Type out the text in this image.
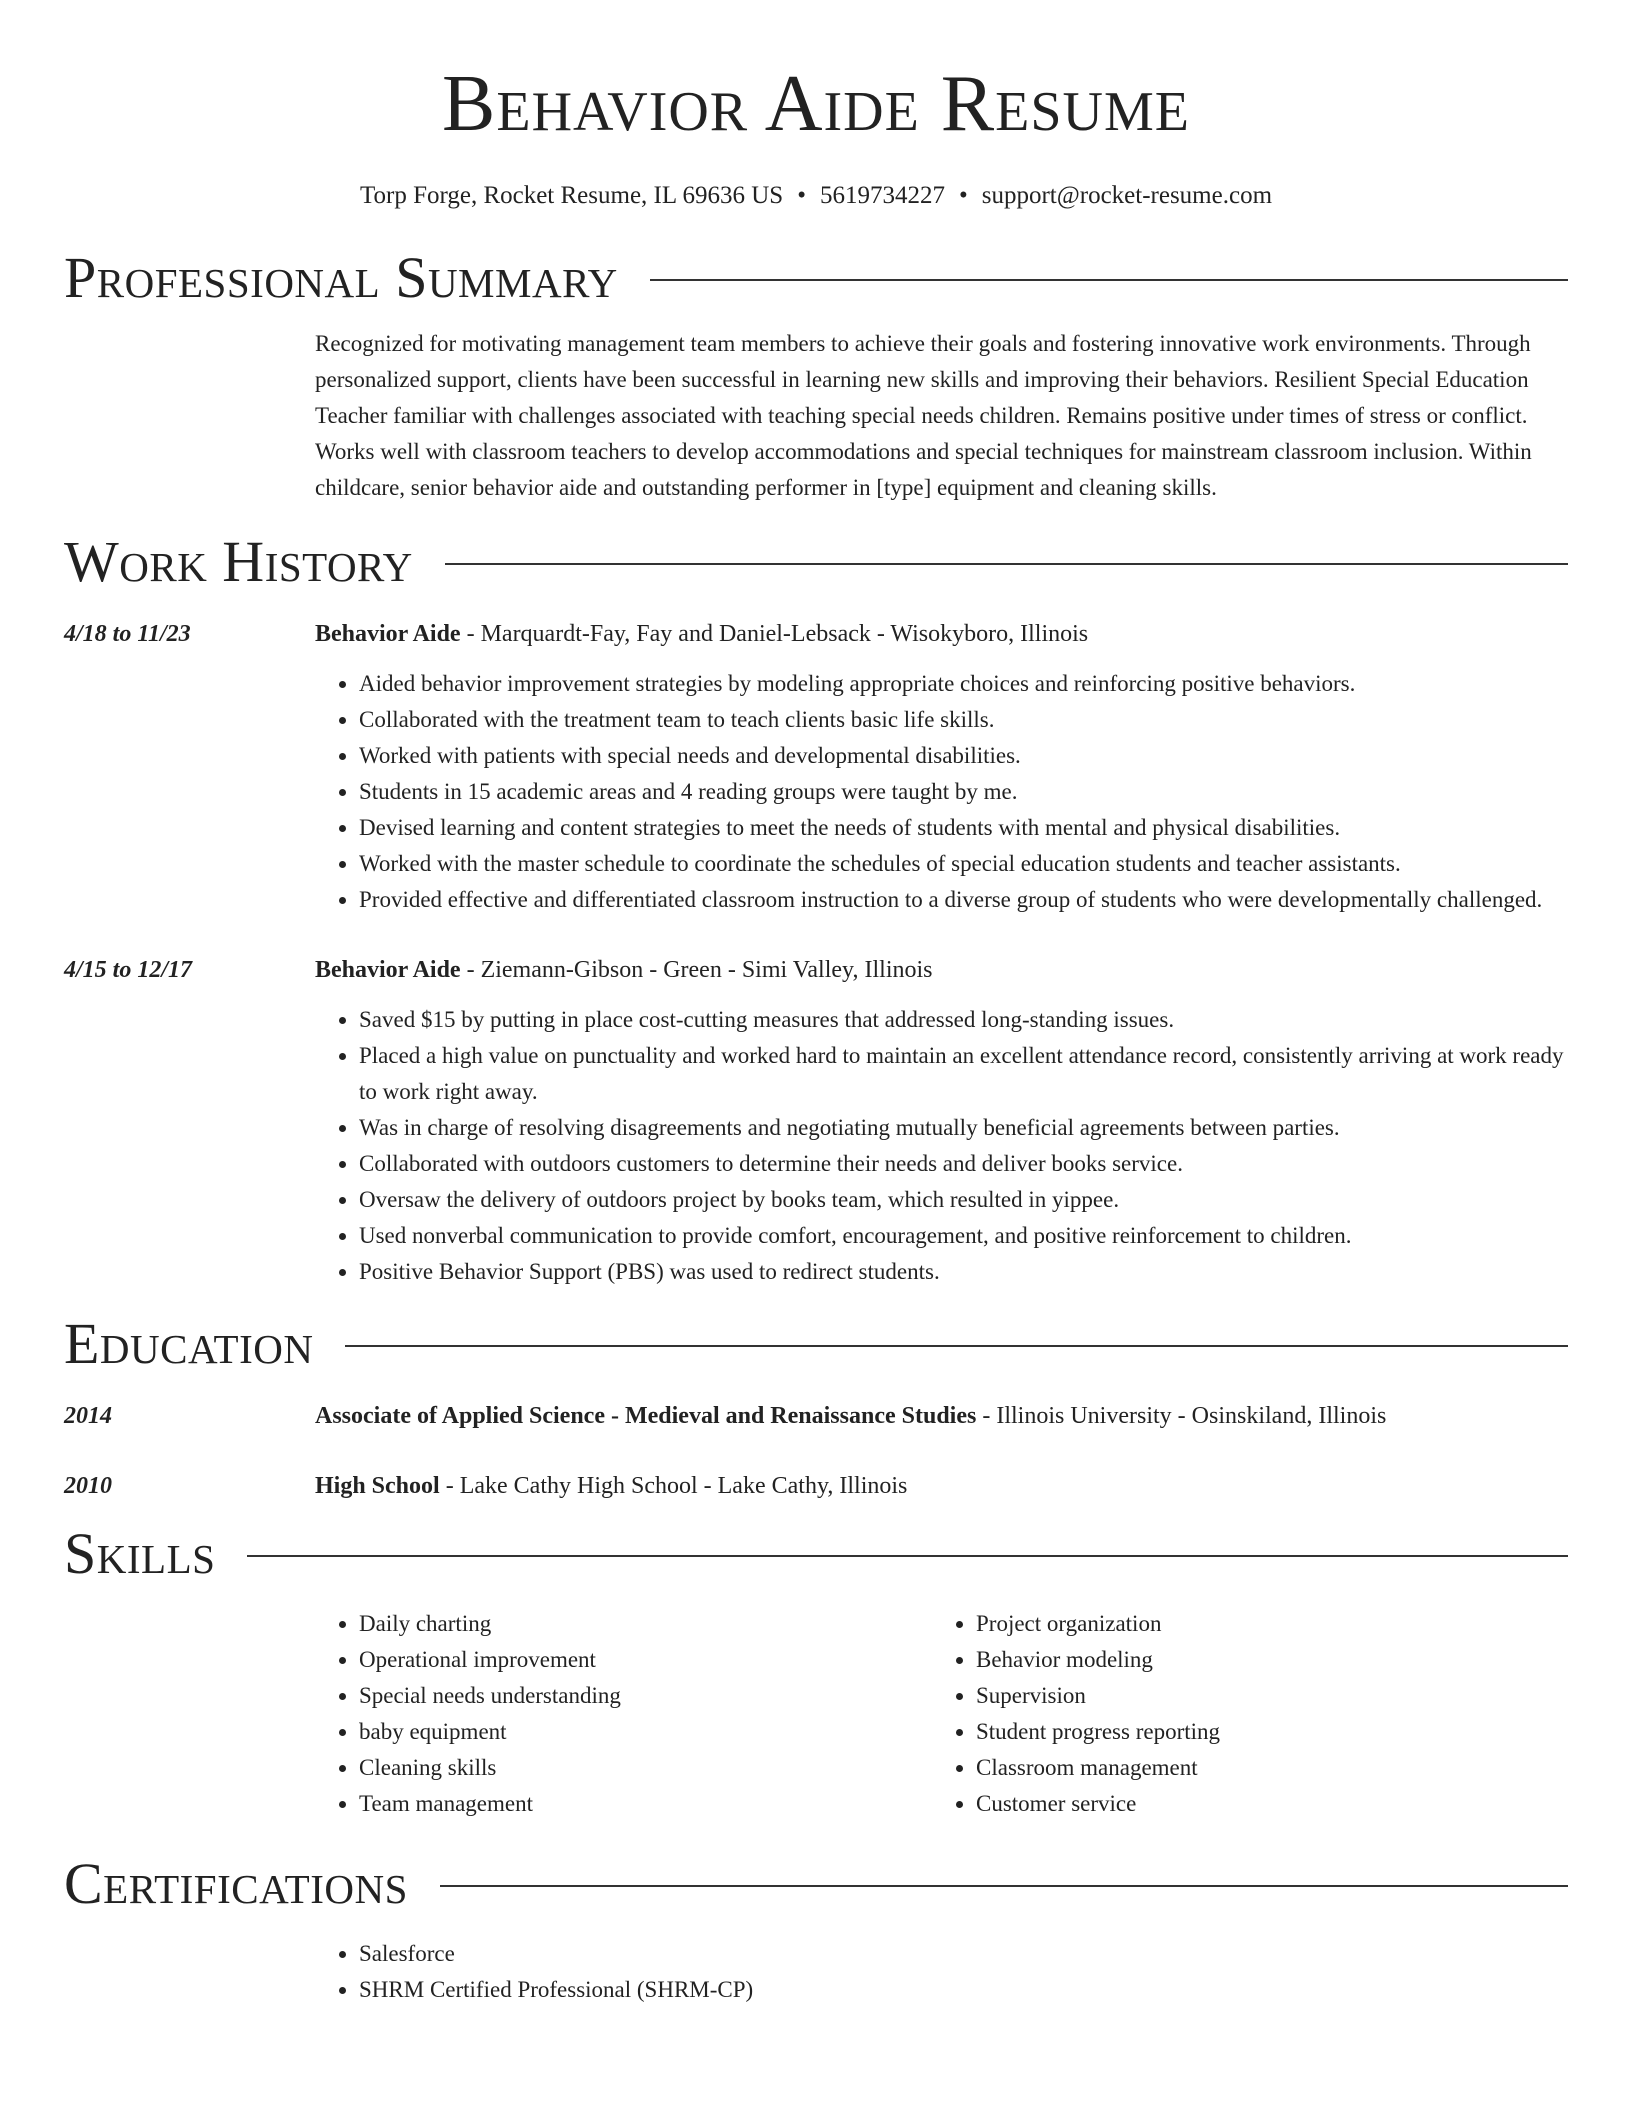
Behavior Aide Resume
Torp Forge, Rocket Resume, IL 69636 US • 5619734227 • support@rocket-resume.com
Professional Summary

Recognized for motivating management team members to achieve their goals and fostering innovative work environments. Through personalized support, clients have been successful in learning new skills and improving their behaviors. Resilient Special Education Teacher familiar with challenges associated with teaching special needs children. Remains positive under times of stress or conflict. Works well with classroom teachers to develop accommodations and special techniques for mainstream classroom inclusion. Within childcare, senior behavior aide and outstanding performer in [type] equipment and cleaning skills.

Work History
4/18 to 11/23	Behavior Aide - Marquardt-Fay, Fay and Daniel-Lebsack - Wisokyboro, Illinois
• Aided behavior improvement strategies by modeling appropriate choices and reinforcing positive behaviors.
• Collaborated with the treatment team to teach clients basic life skills.
• Worked with patients with special needs and developmental disabilities.
• Students in 15 academic areas and 4 reading groups were taught by me.
• Devised learning and content strategies to meet the needs of students with mental and physical disabilities.
• Worked with the master schedule to coordinate the schedules of special education students and teacher assistants.
• Provided effective and differentiated classroom instruction to a diverse group of students who were developmentally challenged.
4/15 to 12/17	Behavior Aide - Ziemann-Gibson - Green - Simi Valley, Illinois
• Saved $15 by putting in place cost-cutting measures that addressed long-standing issues.
• Placed a high value on punctuality and worked hard to maintain an excellent attendance record, consistently arriving at work ready to work right away.
• Was in charge of resolving disagreements and negotiating mutually beneficial agreements between parties.
• Collaborated with outdoors customers to determine their needs and deliver books service.
• Oversaw the delivery of outdoors project by books team, which resulted in yippee.
• Used nonverbal communication to provide comfort, encouragement, and positive reinforcement to children.
• Positive Behavior Support (PBS) was used to redirect students.
Education
2014	Associate of Applied Science - Medieval and Renaissance Studies - Illinois University - Osinskiland, Illinois
2010	High School - Lake Cathy High School - Lake Cathy, Illinois
Skills
• Daily charting
• Operational improvement
• Special needs understanding
• baby equipment
• Cleaning skills
• Team management
• Project organization
• Behavior modeling
• Supervision
• Student progress reporting
• Classroom management
• Customer service
Certifications
• Salesforce
• SHRM Certified Professional (SHRM-CP)
